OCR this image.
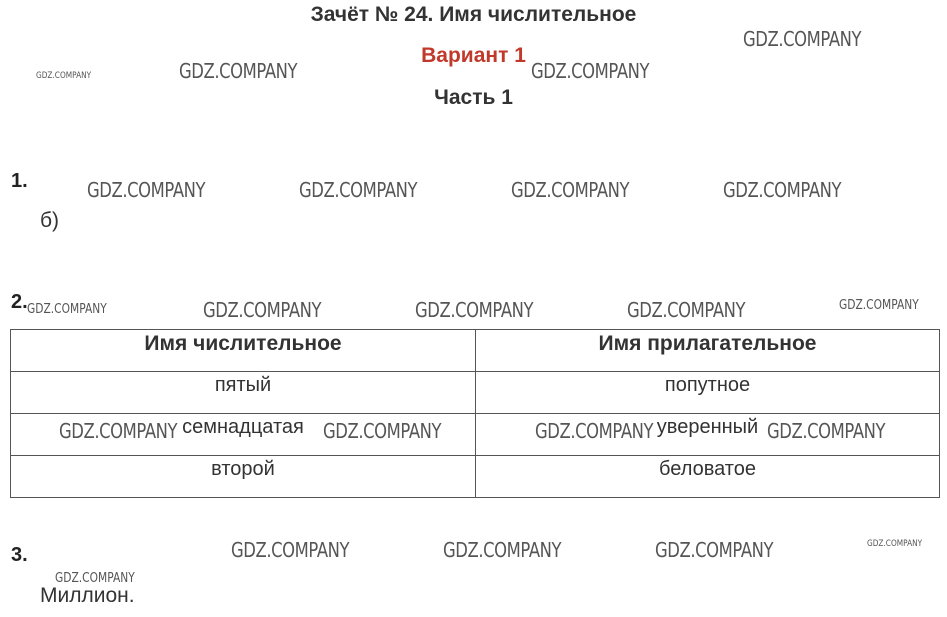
Зачёт № 24. Имя числительное
Вариант 1
Часть 1
GDZ.COMPANY
GDZ.COMPANY	GDZ.COMPANY	GDZ.COMPANY
1.	GDZ.COMPANY	GDZ.COMPANY	GDZ.COMPANY	GDZ.COMPANY
б)
2. GDZ.COMPANY	GDZ.COMPANY	GDZ.COMPANY	GDZ.COMPANY	GDZ.COMPANY
Имя числительное	Имя прилагательное
пятый	попутное
семнадцатая	уверенный
второй	беловатое
GDZ.COMPANY	GDZ.COMPANY	GDZ.COMPANY	GDZ.COMPANY
3.	GDZ.COMPANY	GDZ.COMPANY	GDZ.COMPANY	GDZ.COMPANY
GDZ.COMPANY
Миллион.
